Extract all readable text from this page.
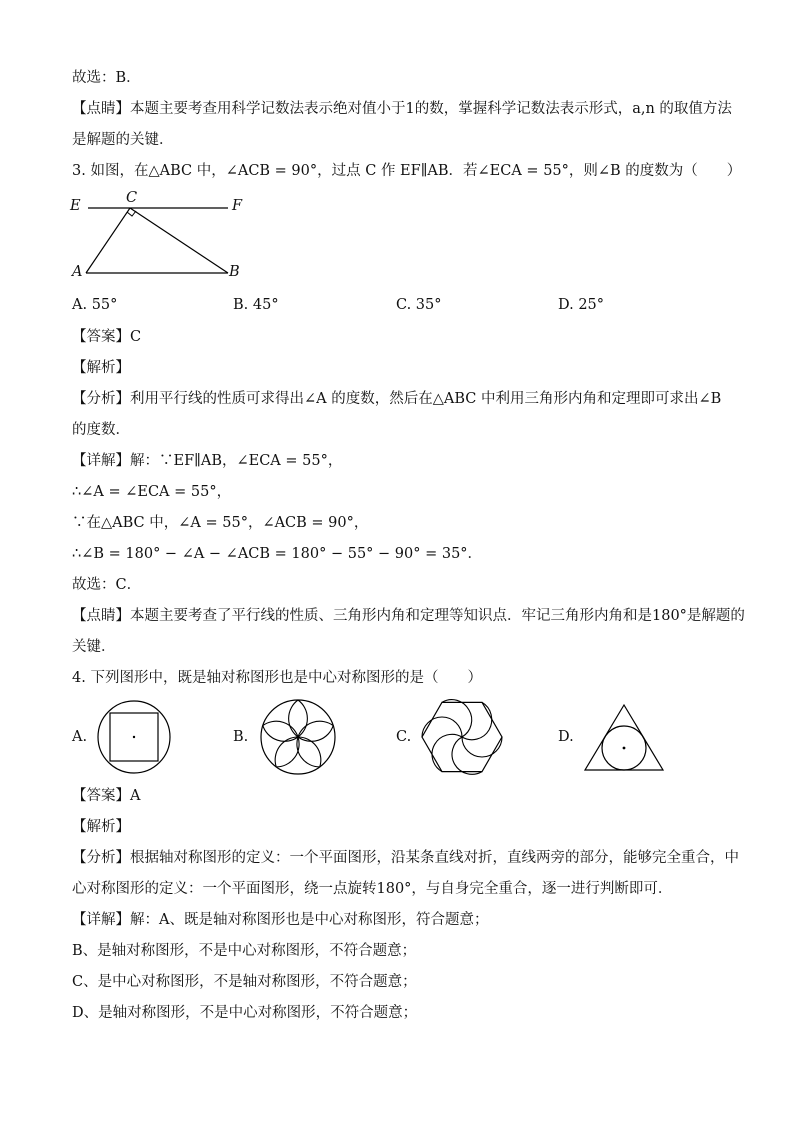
故选：B．
【点睛】本题主要考查用科学记数法表示绝对值小于1的数，掌握科学记数法表示形式，a,n 的取值方法
是解题的关键．
3. 如图，在△ABC 中，∠ACB = 90°，过点 C 作 EF∥AB．若∠ECA = 55°，则∠B 的度数为（　　）
E	F
C
A	B
A. 55°	B. 45°	C. 35°	D. 25°
【答案】C
【解析】
【分析】利用平行线的性质可求得出∠A 的度数，然后在△ABC 中利用三角形内角和定理即可求出∠B
的度数．
【详解】解：∵EF∥AB，∠ECA = 55°，
∴∠A = ∠ECA = 55°，
∵在△ABC 中，∠A = 55°，∠ACB = 90°，
∴∠B = 180° − ∠A − ∠ACB = 180° − 55° − 90° = 35°．
故选：C．
【点睛】本题主要考查了平行线的性质、三角形内角和定理等知识点．牢记三角形内角和是180°是解题的
关键．
4. 下列图形中，既是轴对称图形也是中心对称图形的是（　　）
A.	B.	C.	D.
【答案】A
【解析】
【分析】根据轴对称图形的定义：一个平面图形，沿某条直线对折，直线两旁的部分，能够完全重合，中
心对称图形的定义：一个平面图形，绕一点旋转180°，与自身完全重合，逐一进行判断即可．
【详解】解：A、既是轴对称图形也是中心对称图形，符合题意；
B、是轴对称图形，不是中心对称图形，不符合题意；
C、是中心对称图形，不是轴对称图形，不符合题意；
D、是轴对称图形，不是中心对称图形，不符合题意；
